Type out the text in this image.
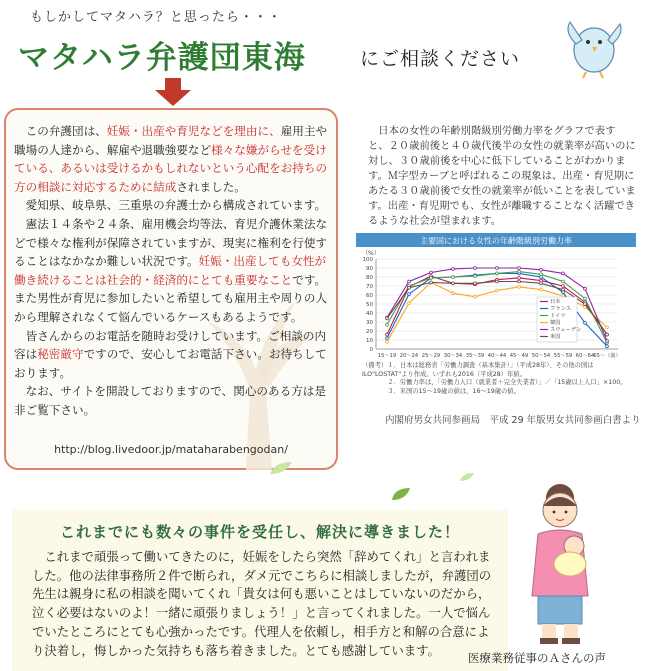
もしかしてマタハラ？と思ったら・・・
マタハラ弁護団東海	にご相談ください

　この弁護団は、妊娠・出産や育児などを理由に、雇用主や職場の人達から、解雇や退職強要など様々な嫌がらせを受けている、あるいは受けるかもしれないという心配をお持ちの方の相談に対応するために結成されました。

　愛知県、岐阜県、三重県の弁護士から構成されています。

　憲法１４条や２４条、雇用機会均等法、育児介護休業法などで様々な権利が保障されていますが、現実に権利を行使することはなかなか難しい状況です。妊娠・出産しても女性が働き続けることは社会的・経済的にとても重要なことです。また男性が育児に参加したいと希望しても雇用主や周りの人から理解されなくて悩んでいるケースもあるようです。

　皆さんからのお電話を随時お受けしています。ご相談の内容は秘密厳守ですので、安心してお電話下さい。お待ちしております。

　なお、サイトを開設しておりますので、関心のある方は是非ご覧下さい。

http://blog.livedoor.jp/mataharabengodan/
　日本の女性の年齢別階級別労働力率をグラフで表すと、２０歳前後と４０歳代後半の女性の就業率が高いのに対し、３０歳前後を中心に低下していることがわかります。Ｍ字型カーブと呼ばれるこの現象は、出産・育児期にあたる３０歳前後で女性の就業率が低いことを表しています。出産・育児期でも、女性が離職することなく活躍できるような社会が望まれます。
主要国における女性の年齢階級別労働力率
（%）
0
10
20
30
40
50
60
70
80
90
100
15～19 20～24 25～29 30～34 35～39 40～44 45～49 50～54 55～59 60～64 65～（歳）
日本
フランス
ドイツ
韓国
スウェーデン
米国

（備考）１．日本は総務省「労働力調査（基本集計）」（平成28年）、その他の国はILO"LOSTAT"より作成。いずれも2016（平成28）年値。

　　　　２．労働力率は，「労働力人口（就業者＋完全失業者）」／「15歳以上人口」×100。

　　　　３．米国の15～19歳の値は，16～19歳の値。

内閣府男女共同参画局　平成 29 年版男女共同参画白書より
これまでにも数々の事件を受任し、解決に導きました！
　これまで頑張って働いてきたのに，妊娠をしたら突然「辞めてくれ」と言われました。他の法律事務所２件で断られ，ダメ元でこちらに相談しましたが，弁護団の先生は親身に私の相談を聞いてくれ「貴女は何も悪いことはしていないのだから，泣く必要はないのよ！一緒に頑張りましょう！」と言ってくれました。一人で悩んでいたところにとても心強かったです。代理人を依頼し，相手方と和解の合意により決着し，悔しかった気持ちも落ち着きました。とても感謝しています。
医療業務従事のＡさんの声
